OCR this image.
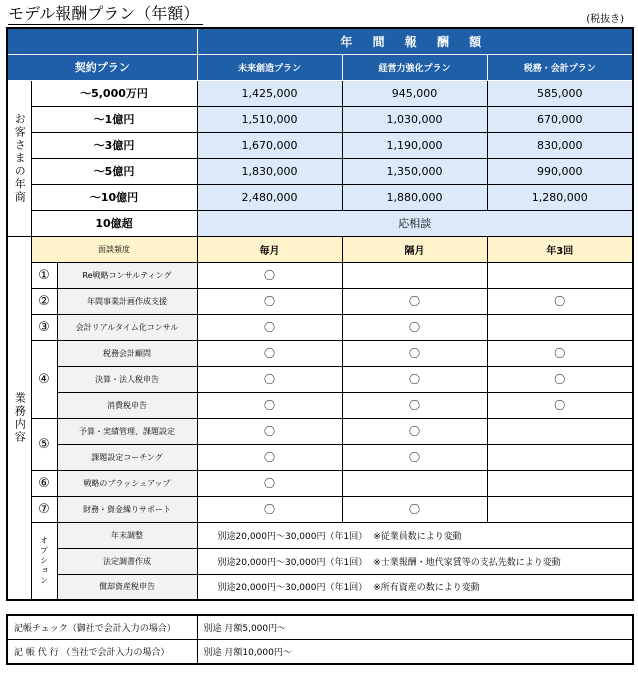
モデル報酬プラン（年額）	(税抜き)
			年 間 報 酬 額		
契約プラン			未来創造プラン	経営力強化プラン	税務・会計プラン
お客さまの年商	～5,000万円		1,425,000	945,000	585,000
	～1億円		1,510,000	1,030,000	670,000
	～3億円		1,670,000	1,190,000	830,000
	～5億円		1,830,000	1,350,000	990,000
	～10億円		2,480,000	1,880,000	1,280,000
	10億超		応相談		
業務内容	面談頻度		毎月	隔月	年3回
	①	Re戦略コンサルティング	〇		
	②	年間事業計画作成支援	〇	〇	〇
	③	会計リアルタイム化コンサル	〇	〇	
	④	税務会計顧問	〇	〇	〇
		決算・法人税申告	〇	〇	〇
		消費税申告	〇	〇	〇
	⑤	予算・実績管理、課題設定	〇	〇	
		課題設定コーチング	〇	〇	
	⑥	戦略のブラッシュアップ	〇		
	⑦	財務・資金繰りサポート	〇	〇	
	オプション	年末調整	別途20,000円～30,000円（年1回） ※従業員数により変動		
		法定調書作成	別途20,000円～30,000円（年1回） ※士業報酬・地代家賃等の支払先数により変動		
		償却資産税申告	別途20,000円～30,000円（年1回） ※所有資産の数により変動		
記帳チェック（御社で会計入力の場合）	別途 月額5,000円～
記 帳 代 行 （当社で会計入力の場合）	別途 月額10,000円～
